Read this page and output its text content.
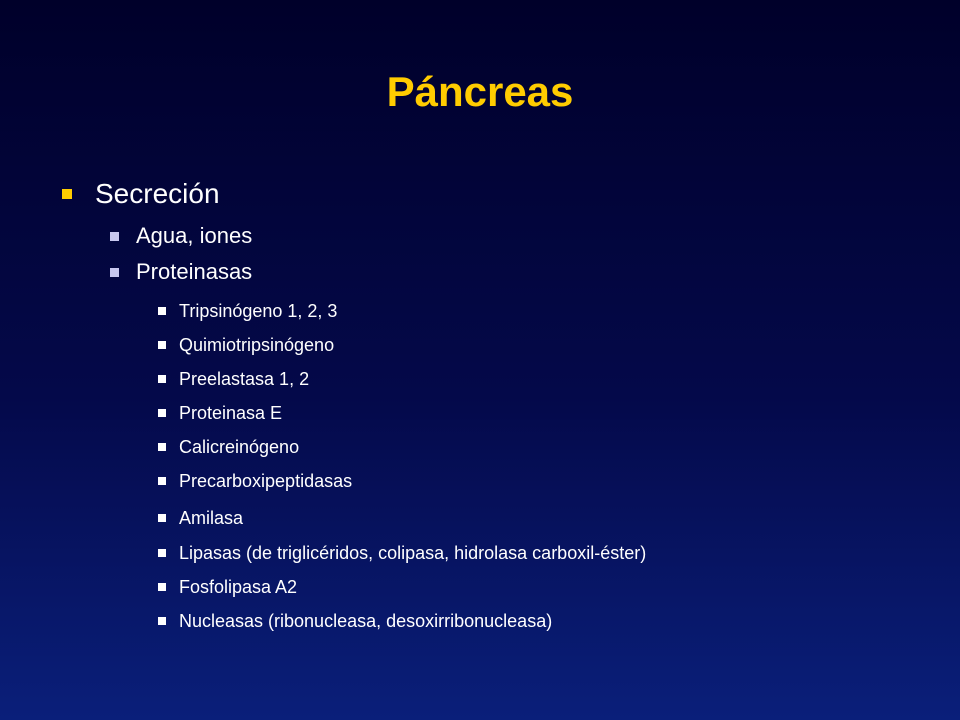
Páncreas
Secreción
Agua, iones
Proteinasas
Tripsinógeno 1, 2, 3
Quimiotripsinógeno
Preelastasa 1, 2
Proteinasa E
Calicreinógeno
Precarboxipeptidasas
Amilasa
Lipasas (de triglicéridos, colipasa, hidrolasa carboxil-éster)
Fosfolipasa A2
Nucleasas (ribonucleasa, desoxirribonucleasa)
